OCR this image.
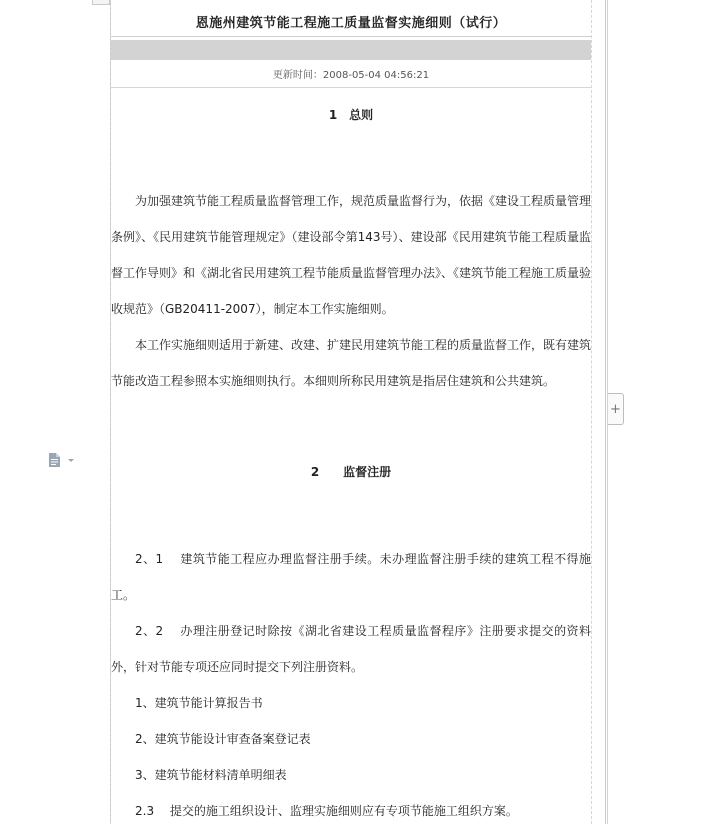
恩施州建筑节能工程施工质量监督实施细则（试行）
更新时间：2008-05-04 04:56:21
1　总则

为加强建筑节能工程质量监督管理工作，规范质量监督行为，依据《建设工程质量管理条例》、《民用建筑节能管理规定》（建设部令第143号）、建设部《民用建筑节能工程质量监督工作导则》和《湖北省民用建筑工程节能质量监督管理办法》、《建筑节能工程施工质量验收规范》（GB20411-2007），制定本工作实施细则。

本工作实施细则适用于新建、改建、扩建民用建筑节能工程的质量监督工作，既有建筑节能改造工程参照本实施细则执行。本细则所称民用建筑是指居住建筑和公共建筑。

2　　监督注册

2、1　 建筑节能工程应办理监督注册手续。未办理监督注册手续的建筑工程不得施工。

2、2　 办理注册登记时除按《湖北省建设工程质量监督程序》注册要求提交的资料外，针对节能专项还应同时提交下列注册资料。

1、建筑节能计算报告书
2、建筑节能设计审查备案登记表
3、建筑节能材料清单明细表
2.3　 提交的施工组织设计、监理实施细则应有专项节能施工组织方案。
+
